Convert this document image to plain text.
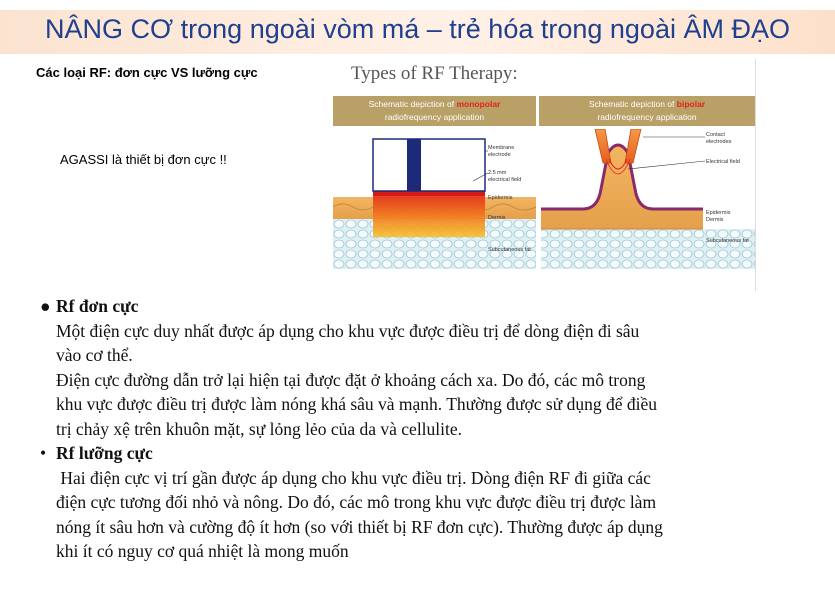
NÂNG CƠ trong ngoài vòm má – trẻ hóa trong ngoài ÂM ĐẠO
Các loại RF: đơn cực VS lưỡng cực
AGASSI là thiết bị đơn cực !!
Types of RF Therapy:
Schematic depiction of monopolar
radiofrequency application
Schematic depiction of bipolar
radiofrequency application
Membrane
electrode
2.5 mm
electrical field
Epidermis
Dermis
Subcutaneous fat
Contact
electrodes
Electrical field
Epidermis
Dermis
Subcutaneous fat
● Rf đơn cực
Một điện cực duy nhất được áp dụng cho khu vực được điều trị để dòng điện đi sâu
vào cơ thể.
Điện cực đường dẫn trở lại hiện tại được đặt ở khoảng cách xa. Do đó, các mô trong
khu vực được điều trị được làm nóng khá sâu và mạnh. Thường được sử dụng để điều
trị chảy xệ trên khuôn mặt, sự lỏng lẻo của da và cellulite.
• Rf lưỡng cực
Hai điện cực vị trí gần được áp dụng cho khu vực điều trị. Dòng điện RF đi giữa các
điện cực tương đối nhỏ và nông. Do đó, các mô trong khu vực được điều trị được làm
nóng ít sâu hơn và cường độ ít hơn (so với thiết bị RF đơn cực). Thường được áp dụng
khi ít có nguy cơ quá nhiệt là mong muốn
